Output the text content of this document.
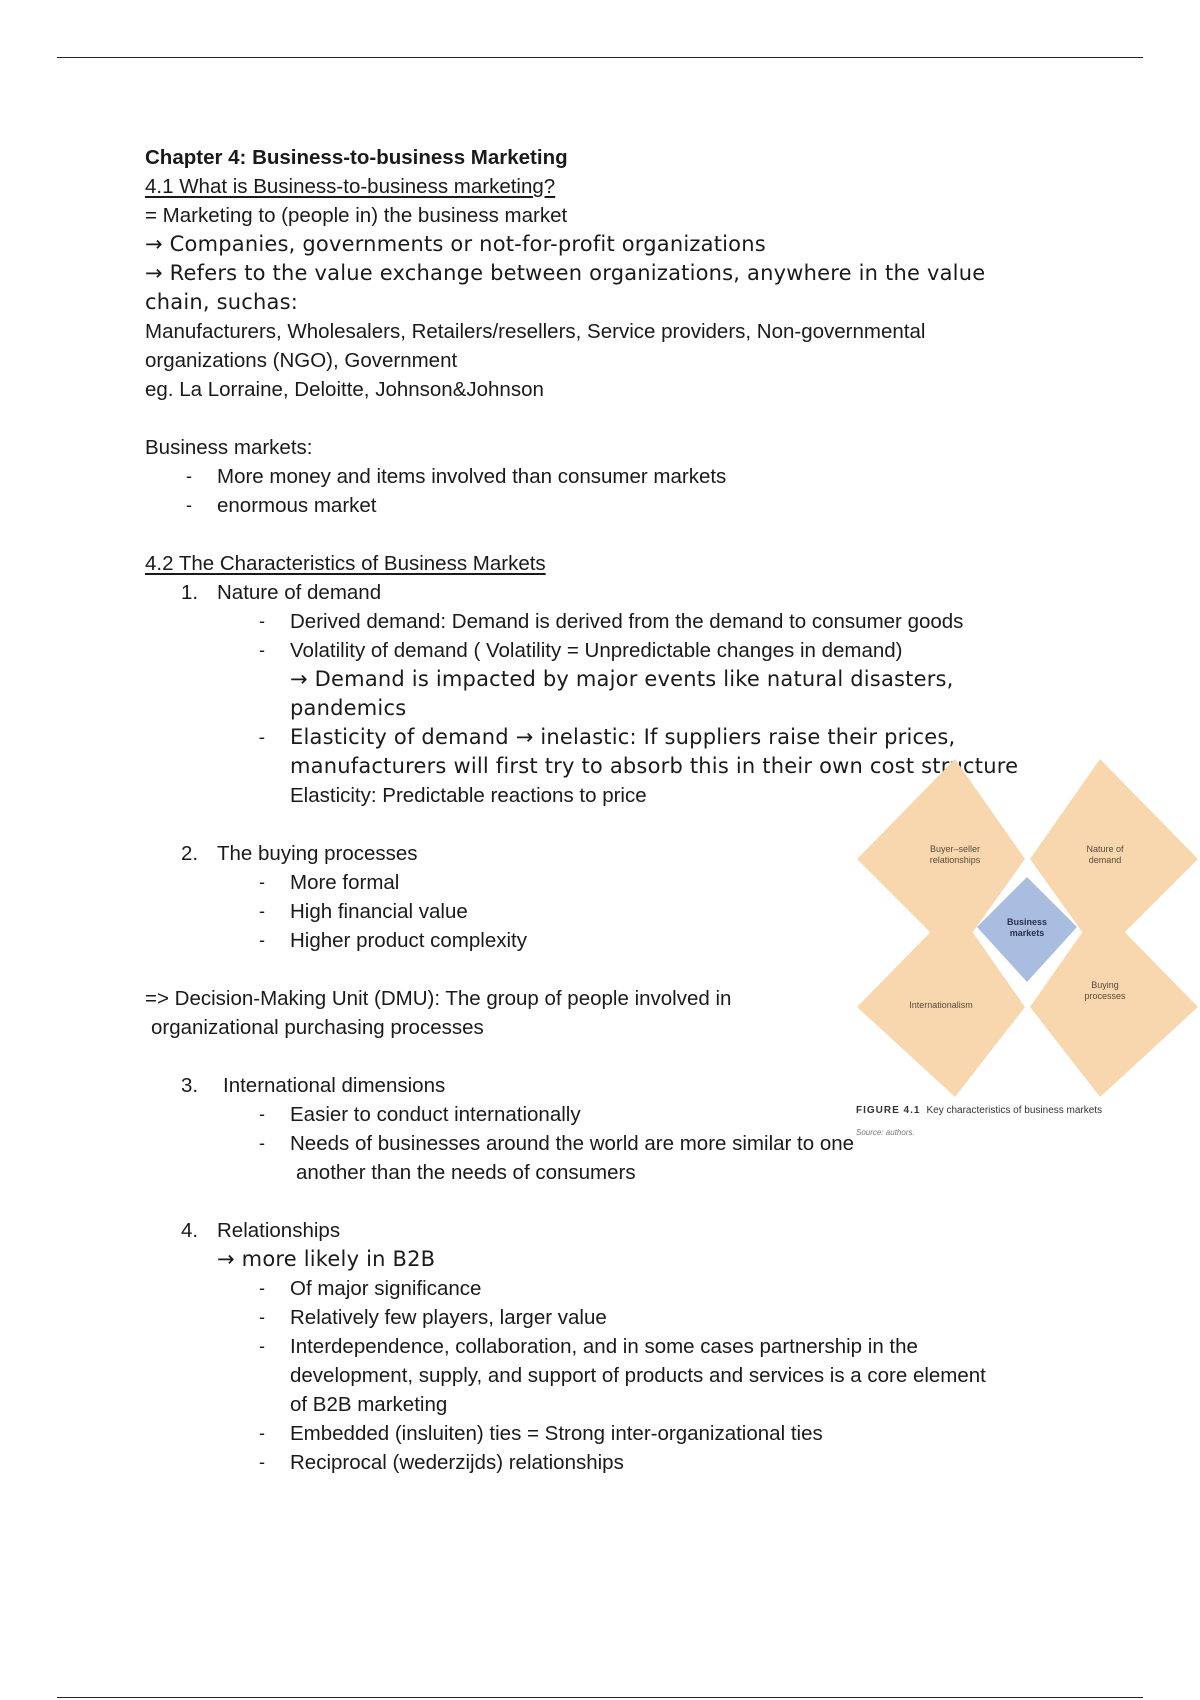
Chapter 4: Business-to-business Marketing
4.1 What is Business-to-business marketing?
= Marketing to (people in) the business market
→ Companies, governments or not-for-profit organizations
→ Refers to the value exchange between organizations, anywhere in the value
chain, suchas:
Manufacturers, Wholesalers, Retailers/resellers, Service providers, Non-governmental
organizations (NGO), Government
eg. La Lorraine, Deloitte, Johnson&Johnson
Business markets:
-	More money and items involved than consumer markets
-	enormous market
4.2 The Characteristics of Business Markets
1. Nature of demand
-	Derived demand: Demand is derived from the demand to consumer goods
-	Volatility of demand ( Volatility = Unpredictable changes in demand)
→ Demand is impacted by major events like natural disasters,
pandemics
-	Elasticity of demand → inelastic: If suppliers raise their prices,
manufacturers will first try to absorb this in their own cost structure
Elasticity: Predictable reactions to price
2. The buying processes
-	More formal
-	High financial value
-	Higher product complexity
=> Decision-Making Unit (DMU): The group of people involved in
organizational purchasing processes
3. International dimensions
-	Easier to conduct internationally
-	Needs of businesses around the world are more similar to one
another than the needs of consumers
4. Relationships
→ more likely in B2B
-	Of major significance
-	Relatively few players, larger value
-	Interdependence, collaboration, and in some cases partnership in the
development, supply, and support of products and services is a core element
of B2B marketing
-	Embedded (insluiten) ties = Strong inter-organizational ties
-	Reciprocal (wederzijds) relationships
Buyer–seller
relationships
Nature of
demand
Business
markets
Internationalism
Buying
processes
FIGURE 4.1 Key characteristics of business markets
Source: authors.
